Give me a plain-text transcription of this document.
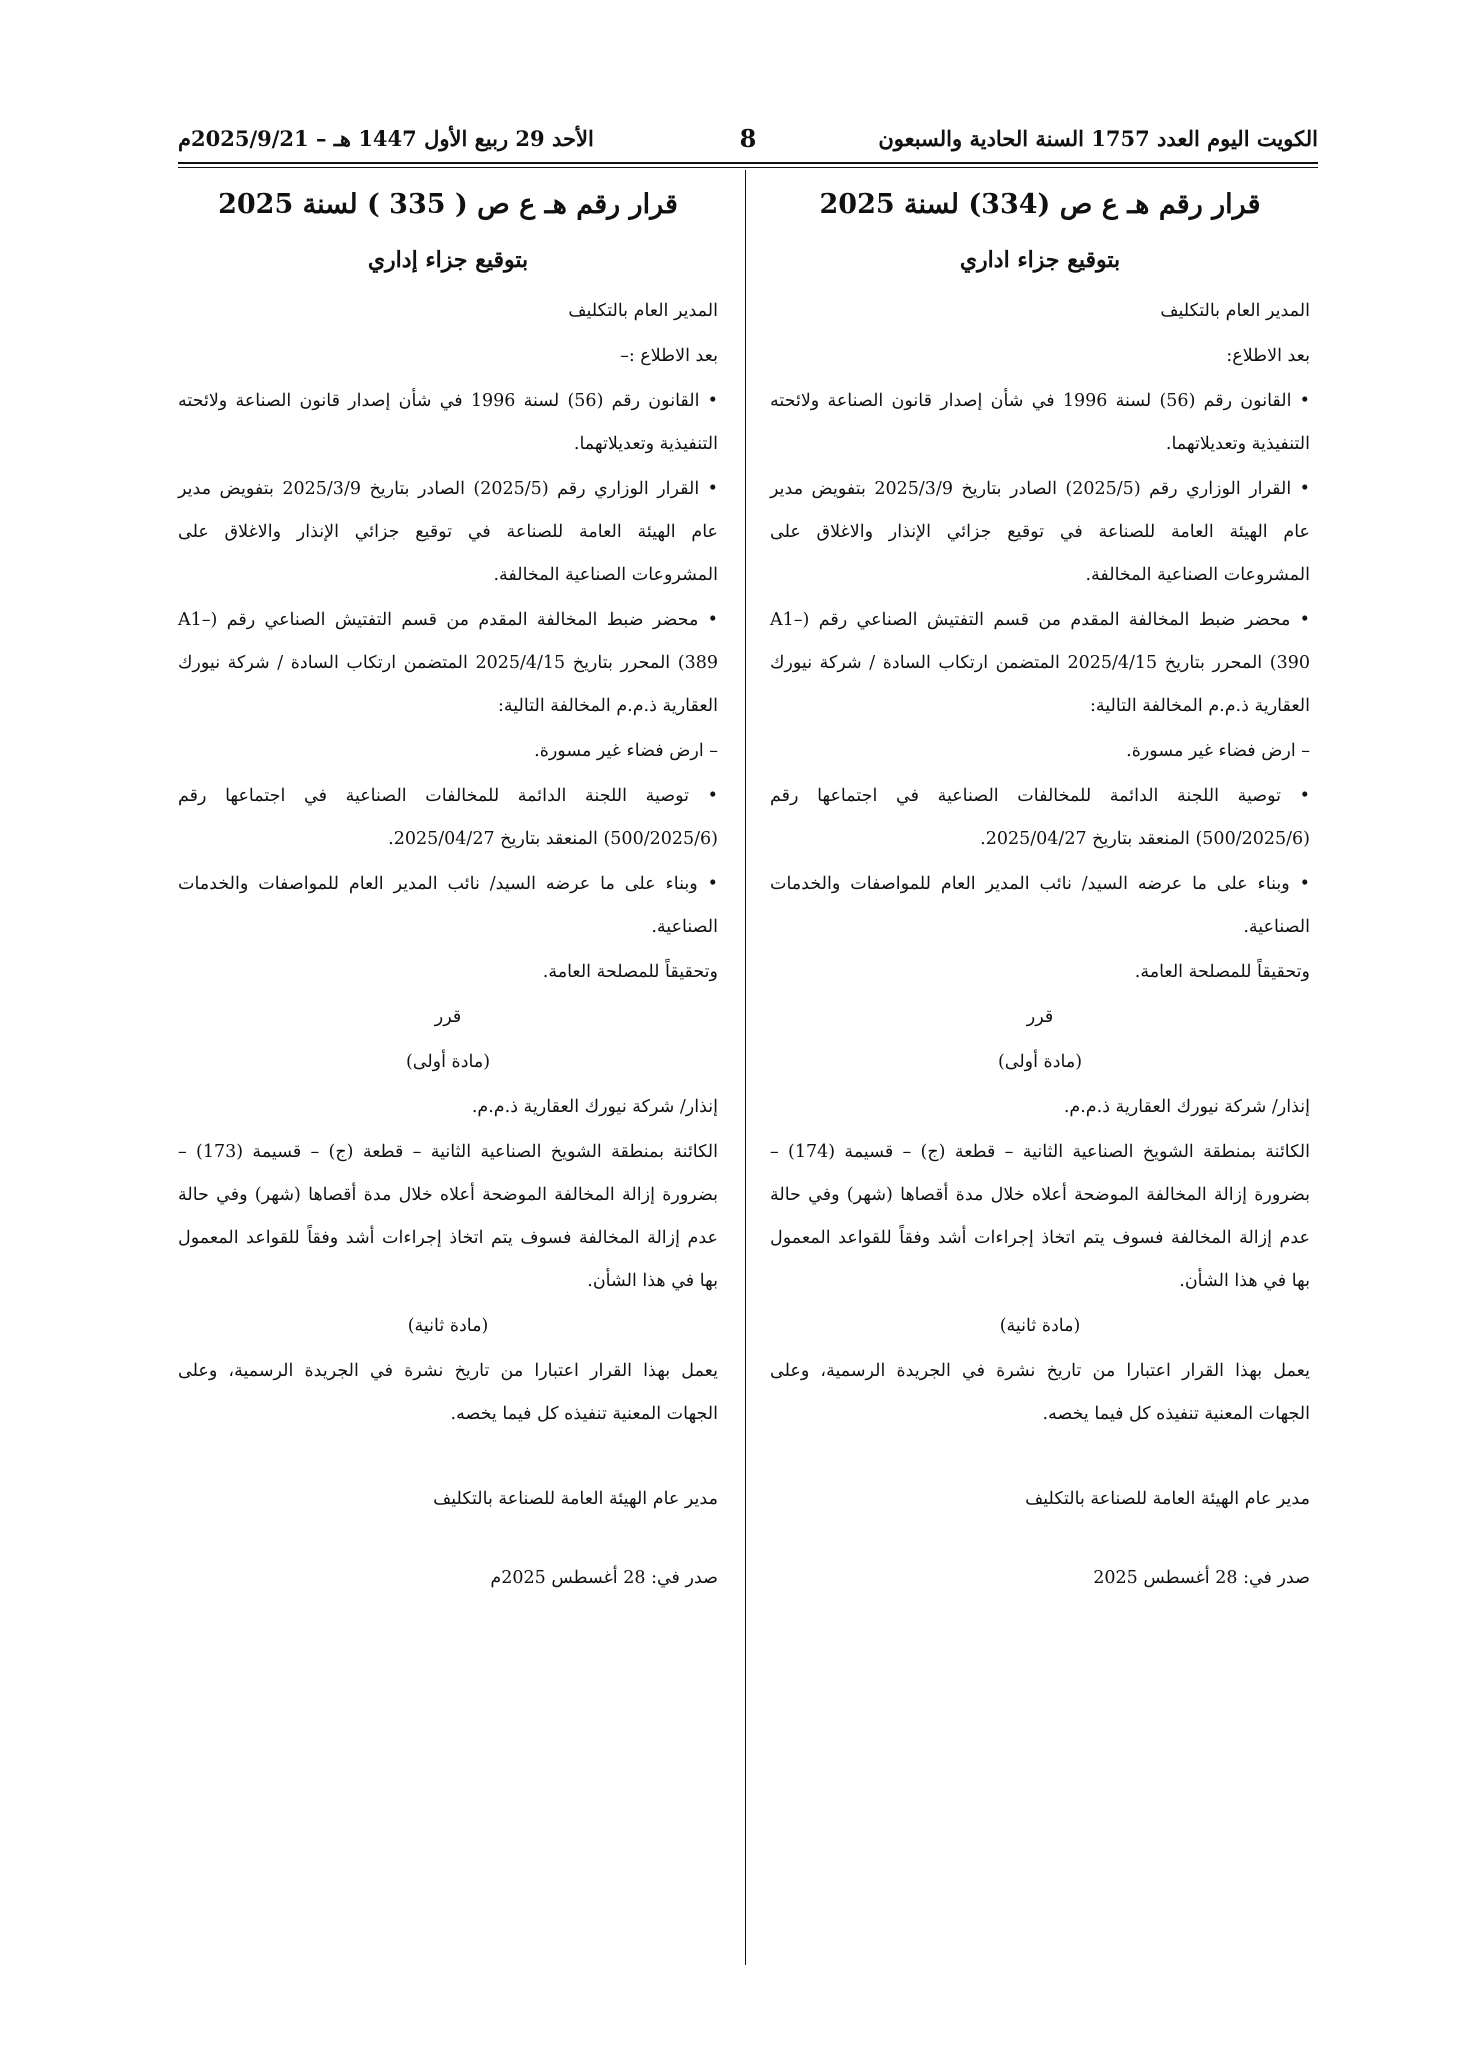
الكويت اليوم العدد 1757 السنة الحادية والسبعون
8
الأحد 29 ربيع الأول 1447 هـ – 2025/9/21م
قرار رقم هـ ع ص (334) لسنة 2025
بتوقيع جزاء اداري

المدير العام بالتكليف

بعد الاطلاع:

• القانون رقم (56) لسنة 1996 في شأن إصدار قانون الصناعة ولائحته التنفيذية وتعديلاتهما.

• القرار الوزاري رقم (2025/5) الصادر بتاريخ 2025/3/9 بتفويض مدير عام الهيئة العامة للصناعة في توقيع جزائي الإنذار والاغلاق على المشروعات الصناعية المخالفة.

• محضر ضبط المخالفة المقدم من قسم التفتيش الصناعي رقم (A1–390) المحرر بتاريخ 2025/4/15 المتضمن ارتكاب السادة / شركة نيورك العقارية ذ.م.م المخالفة التالية:

– ارض فضاء غير مسورة.

• توصية اللجنة الدائمة للمخالفات الصناعية في اجتماعها رقم (500/2025/6) المنعقد بتاريخ 2025/04/27.

• وبناء على ما عرضه السيد/ نائب المدير العام للمواصفات والخدمات الصناعية.

وتحقيقاً للمصلحة العامة.

قرر

(مادة أولى)

إنذار/ شركة نيورك العقارية ذ.م.م.

الكائنة بمنطقة الشويخ الصناعية الثانية – قطعة (ج) – قسيمة (174) – بضرورة إزالة المخالفة الموضحة أعلاه خلال مدة أقصاها (شهر) وفي حالة عدم إزالة المخالفة فسوف يتم اتخاذ إجراءات أشد وفقاً للقواعد المعمول بها في هذا الشأن.

(مادة ثانية)

يعمل بهذا القرار اعتبارا من تاريخ نشرة في الجريدة الرسمية، وعلى الجهات المعنية تنفيذه كل فيما يخصه.

مدير عام الهيئة العامة للصناعة بالتكليف

صدر في: 28 أغسطس 2025

قرار رقم هـ ع ص ( 335 ) لسنة 2025
بتوقيع جزاء إداري

المدير العام بالتكليف

بعد الاطلاع :–

• القانون رقم (56) لسنة 1996 في شأن إصدار قانون الصناعة ولائحته التنفيذية وتعديلاتهما.

• القرار الوزاري رقم (2025/5) الصادر بتاريخ 2025/3/9 بتفويض مدير عام الهيئة العامة للصناعة في توقيع جزائي الإنذار والاغلاق على المشروعات الصناعية المخالفة.

• محضر ضبط المخالفة المقدم من قسم التفتيش الصناعي رقم (A1–389) المحرر بتاريخ 2025/4/15 المتضمن ارتكاب السادة / شركة نيورك العقارية ذ.م.م المخالفة التالية:

– ارض فضاء غير مسورة.

• توصية اللجنة الدائمة للمخالفات الصناعية في اجتماعها رقم (500/2025/6) المنعقد بتاريخ 2025/04/27.

• وبناء على ما عرضه السيد/ نائب المدير العام للمواصفات والخدمات الصناعية.

وتحقيقاً للمصلحة العامة.

قرر

(مادة أولى)

إنذار/ شركة نيورك العقارية ذ.م.م.

الكائنة بمنطقة الشويخ الصناعية الثانية – قطعة (ج) – قسيمة (173) – بضرورة إزالة المخالفة الموضحة أعلاه خلال مدة أقصاها (شهر) وفي حالة عدم إزالة المخالفة فسوف يتم اتخاذ إجراءات أشد وفقاً للقواعد المعمول بها في هذا الشأن.

(مادة ثانية)

يعمل بهذا القرار اعتبارا من تاريخ نشرة في الجريدة الرسمية، وعلى الجهات المعنية تنفيذه كل فيما يخصه.

مدير عام الهيئة العامة للصناعة بالتكليف

صدر في: 28 أغسطس 2025م
